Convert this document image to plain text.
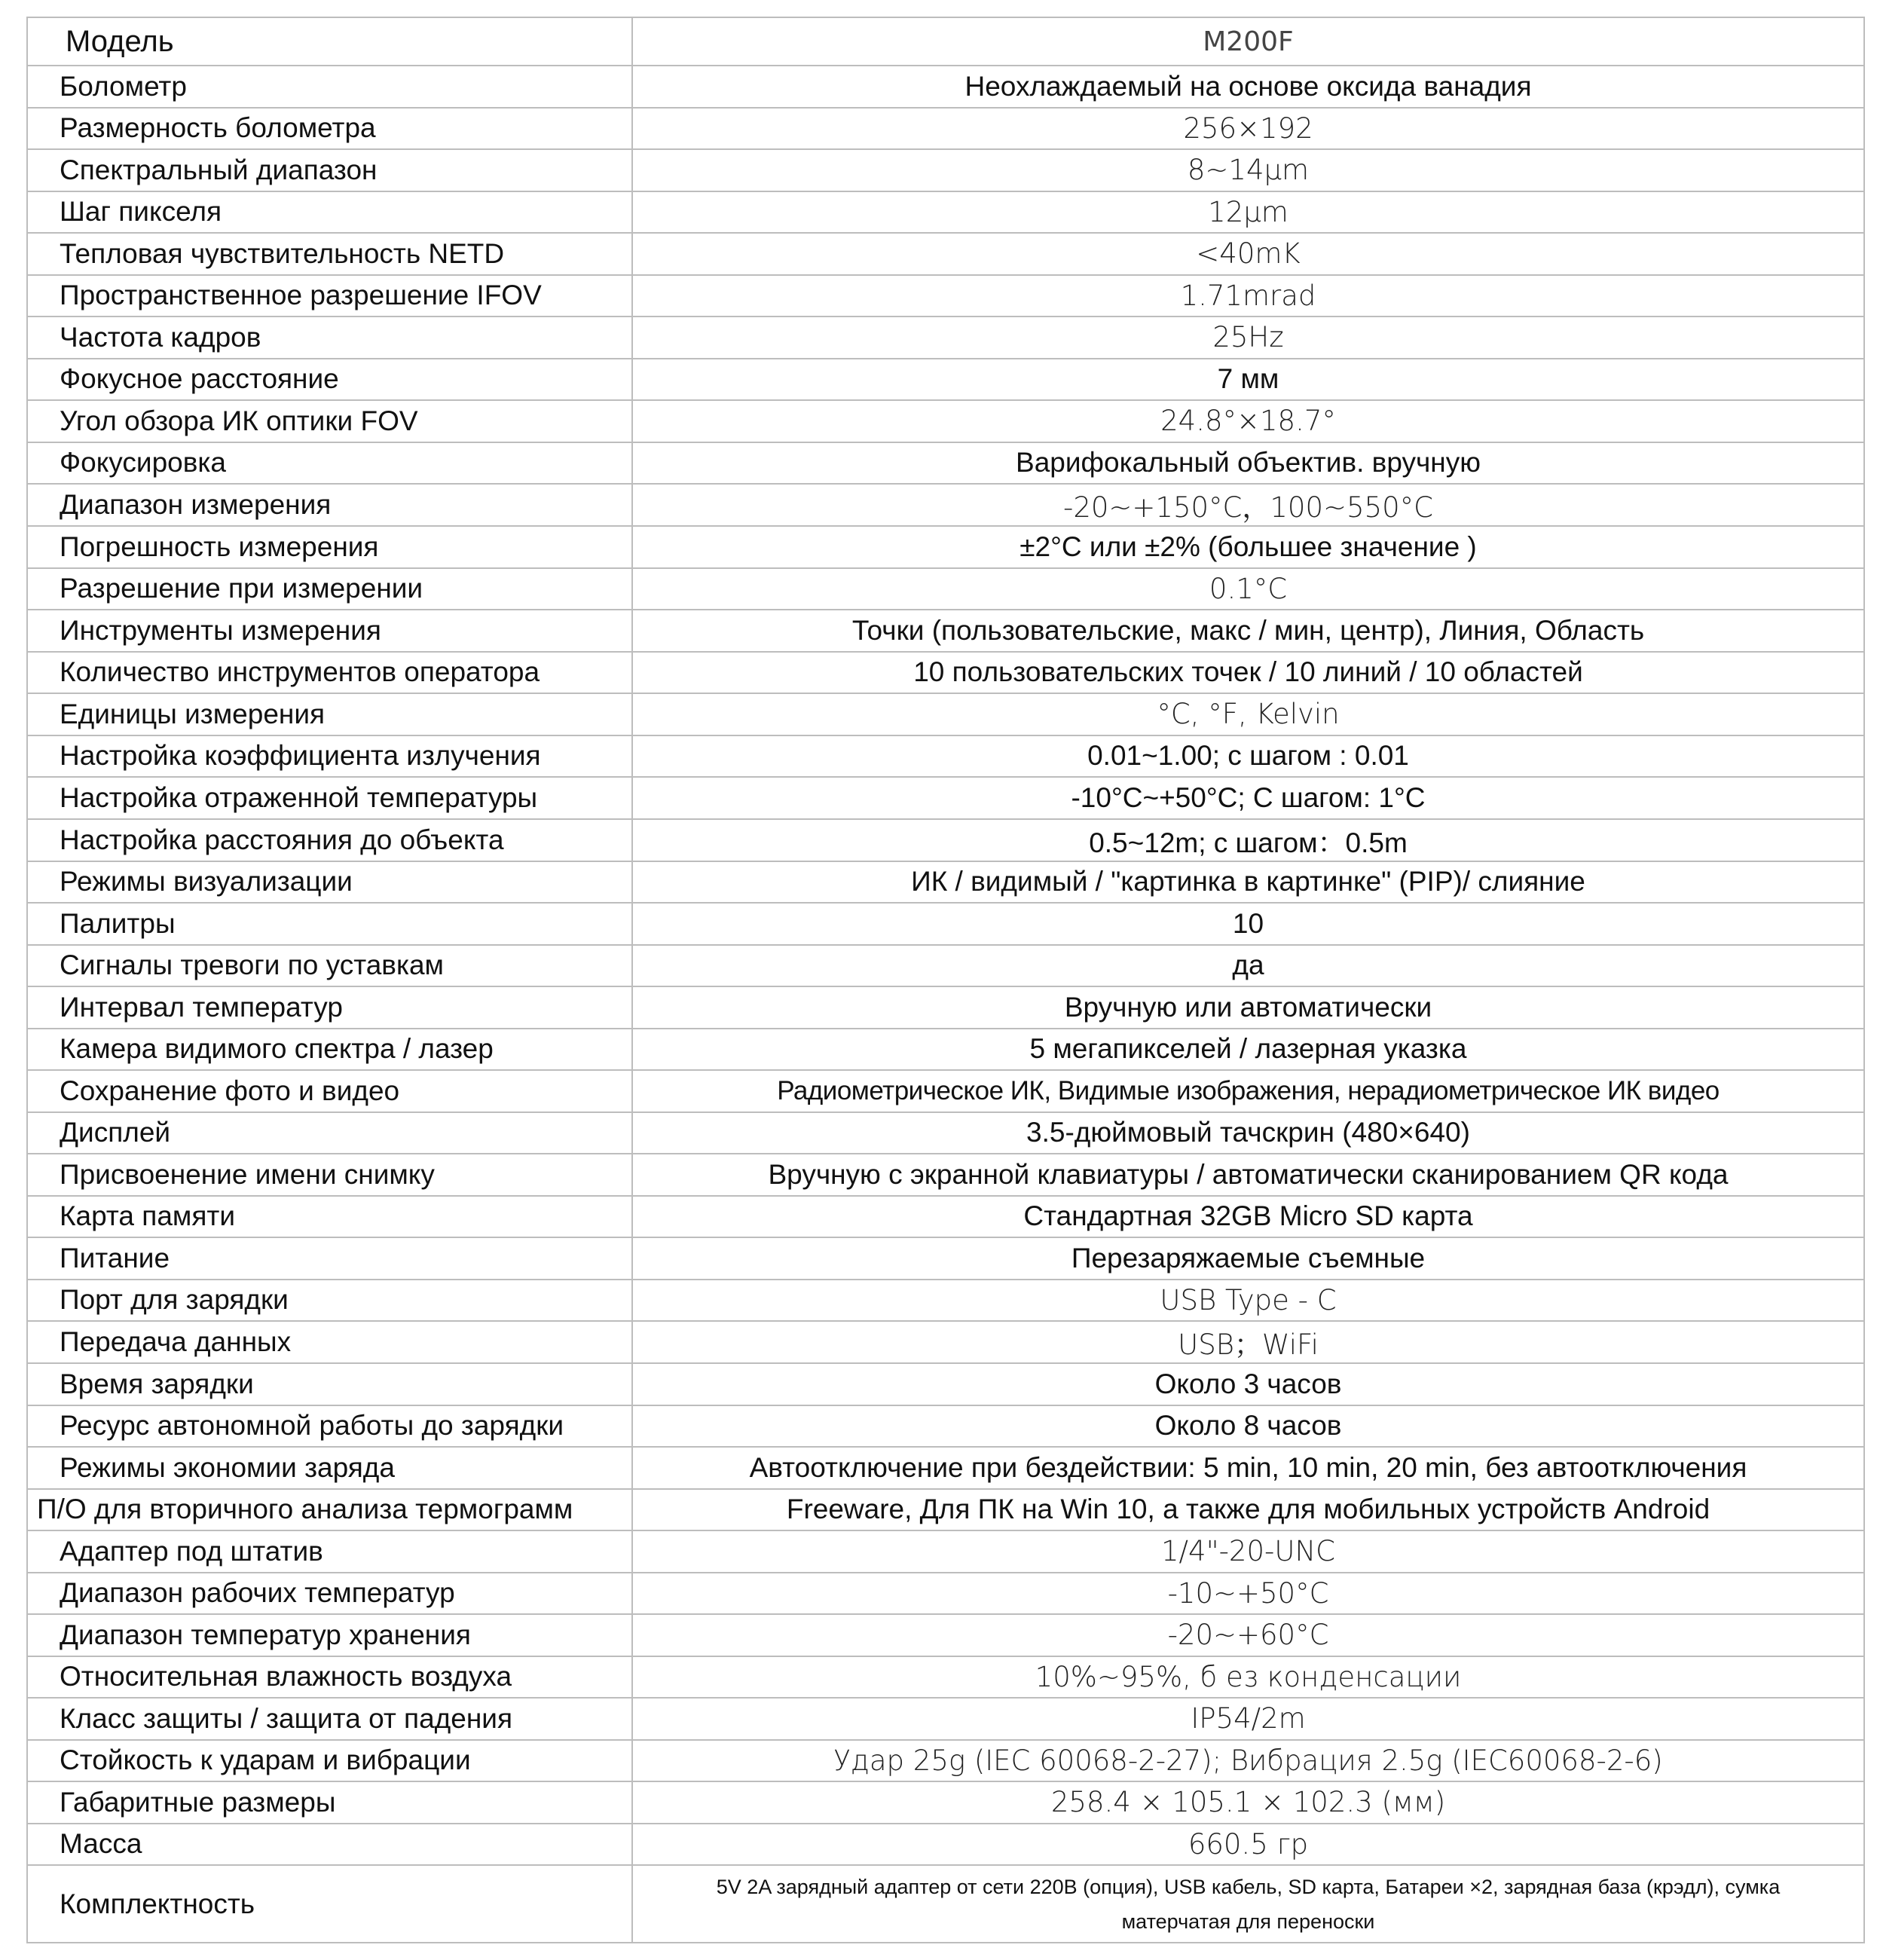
Модель	M200F
Болометр	Неохлаждаемый на основе оксида ванадия
Размерность болометра	256×192
Спектральный диапазон	8~14μm
Шаг пикселя	12μm
Тепловая чувствительность NETD	<40mK
Пространственное разрешение IFOV	1.71mrad
Частота кадров	25Hz
Фокусное расстояние	7 мм
Угол обзора ИК оптики FOV	24.8°×18.7°
Фокусировка	Варифокальный объектив. вручную
Диапазон измерения	-20~+150°C，100~550°C
Погрешность измерения	±2°C или ±2% (большее значение )
Разрешение при измерении	0.1°C
Инструменты измерения	Точки (пользовательские, макс / мин, центр), Линия, Область
Количество инструментов оператора	10 пользовательских точек / 10 линий / 10 областей
Единицы измерения	°C, °F, Kelvin
Настройка коэффициента излучения	0.01~1.00; с шагом : 0.01
Настройка отраженной температуры	-10°C~+50°C; С шагом: 1°C
Настройка расстояния до объекта	0.5~12m; с шагом：0.5m
Режимы визуализации	ИК / видимый / "картинка в картинке" (PIP)/ слияние
Палитры	10
Сигналы тревоги по уставкам	да
Интервал температур	Вручную или автоматически
Камера видимого спектра / лазер	5 мегапикселей / лазерная указка
Сохранение фото и видео	Радиометрическое ИК, Видимые изображения, нерадиометрическое ИК видео
Дисплей	3.5-дюймовый тачскрин (480×640)
Присвоенение имени снимку	Вручную с экранной клавиатуры / автоматически сканированием QR кода
Карта памяти	Стандартная 32GB Micro SD карта
Питание	Перезаряжаемые съемные
Порт для зарядки	USB Type - C
Передача данных	USB；WiFi
Время зарядки	Около 3 часов
Ресурс автономной работы до зарядки	Около 8 часов
Режимы экономии заряда	Автоотключение при бездействии: 5 min, 10 min, 20 min, без автоотключения
П/О для вторичного анализа термограмм	Freeware, Для ПК на Win 10, а также для мобильных устройств Android
Адаптер под штатив	1/4"-20-UNC
Диапазон рабочих температур	-10~+50°C
Диапазон температур хранения	-20~+60°C
Относительная влажность воздуха	10%~95%, б ез конденсации
Класс защиты / защита от падения	IP54/2m
Стойкость к ударам и вибрации	Удар 25g (IEC 60068-2-27); Вибрация 2.5g (IEC60068-2-6)
Габаритные размеры	258.4 × 105.1 × 102.3 (мм)
Масса	660.5 гр
Комплектность	5V 2A зарядный адаптер от сети 220В (опция), USB кабель, SD карта, Батареи ×2, зарядная база (крэдл), сумка матерчатая для переноски
